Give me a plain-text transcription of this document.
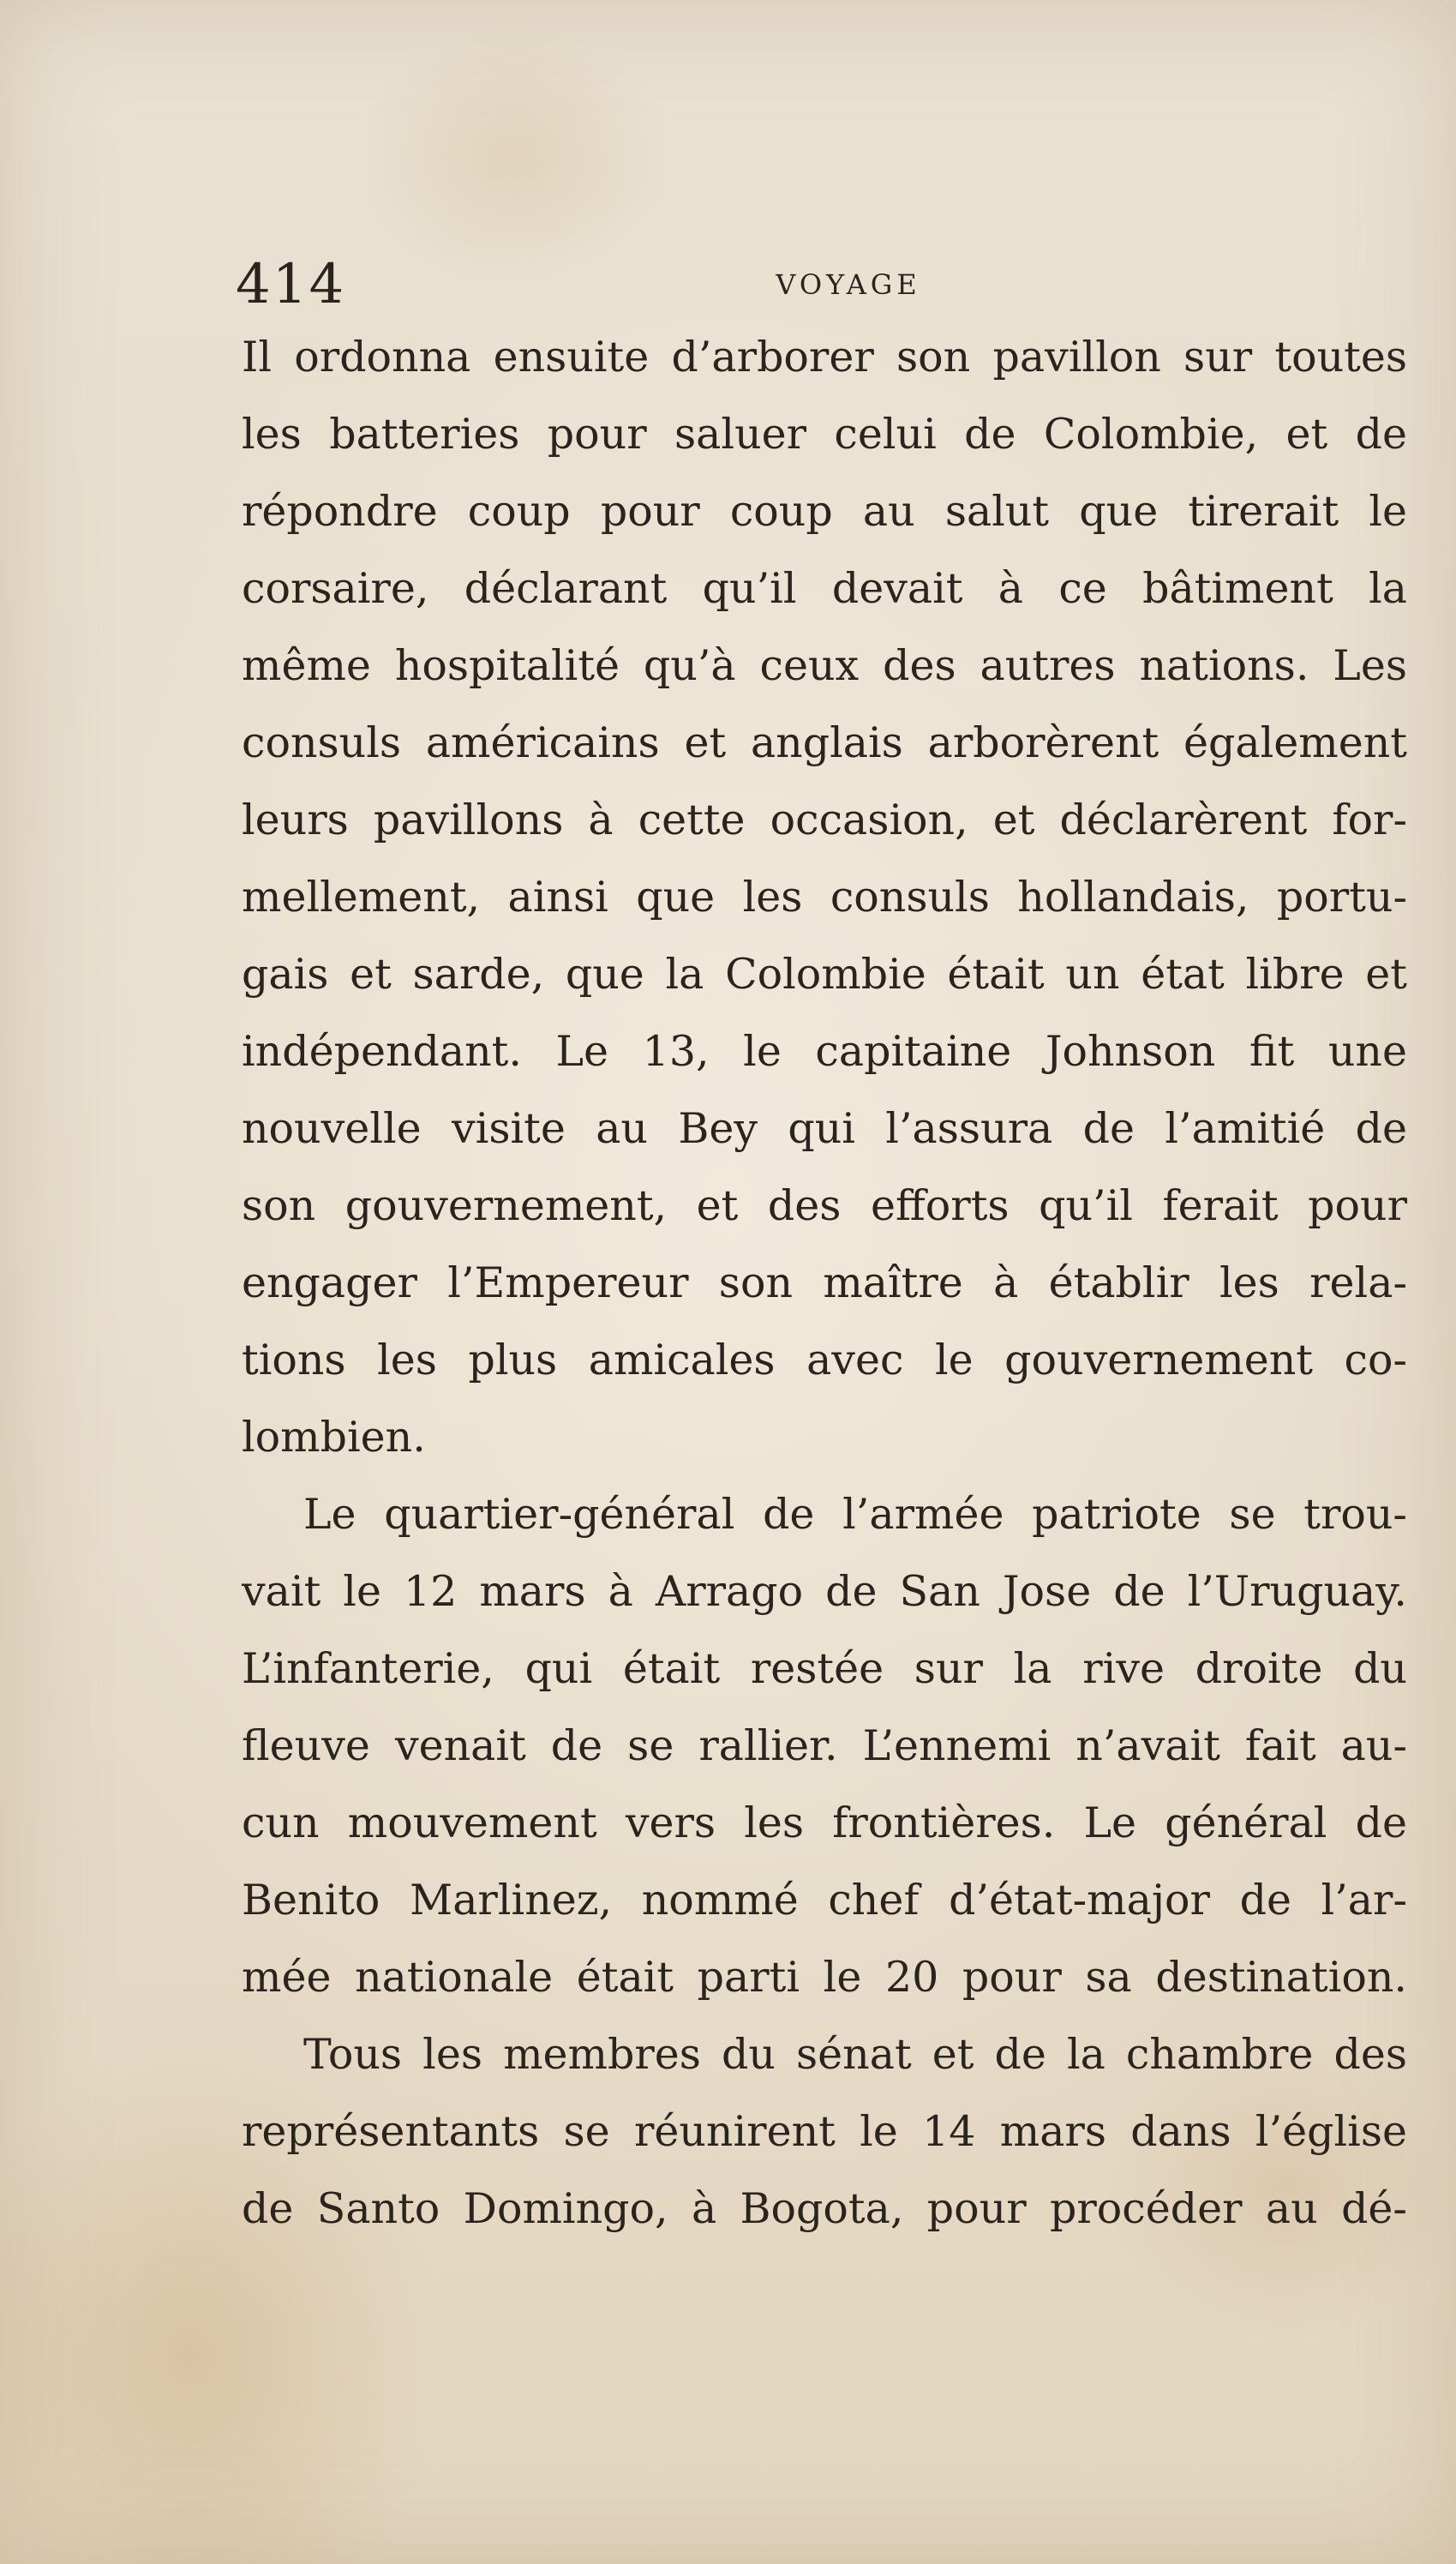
414	VOYAGE
Il ordonna ensuite d’arborer son pavillon sur toutes
les batteries pour saluer celui de Colombie, et de
répondre coup pour coup au salut que tirerait le
corsaire, déclarant qu’il devait à ce bâtiment la
même hospitalité qu’à ceux des autres nations. Les
consuls américains et anglais arborèrent également
leurs pavillons à cette occasion, et déclarèrent for-
mellement, ainsi que les consuls hollandais, portu-
gais et sarde, que la Colombie était un état libre et
indépendant. Le 13, le capitaine Johnson fit une
nouvelle visite au Bey qui l’assura de l’amitié de
son gouvernement, et des efforts qu’il ferait pour
engager l’Empereur son maître à établir les rela-
tions les plus amicales avec le gouvernement co-
lombien.
Le quartier-général de l’armée patriote se trou-
vait le 12 mars à Arrago de San Jose de l’Uruguay.
L’infanterie, qui était restée sur la rive droite du
fleuve venait de se rallier. L’ennemi n’avait fait au-
cun mouvement vers les frontières. Le général de
Benito Marlinez, nommé chef d’état-major de l’ar-
mée nationale était parti le 20 pour sa destination.
Tous les membres du sénat et de la chambre des
représentants se réunirent le 14 mars dans l’église
de Santo Domingo, à Bogota, pour procéder au dé-
